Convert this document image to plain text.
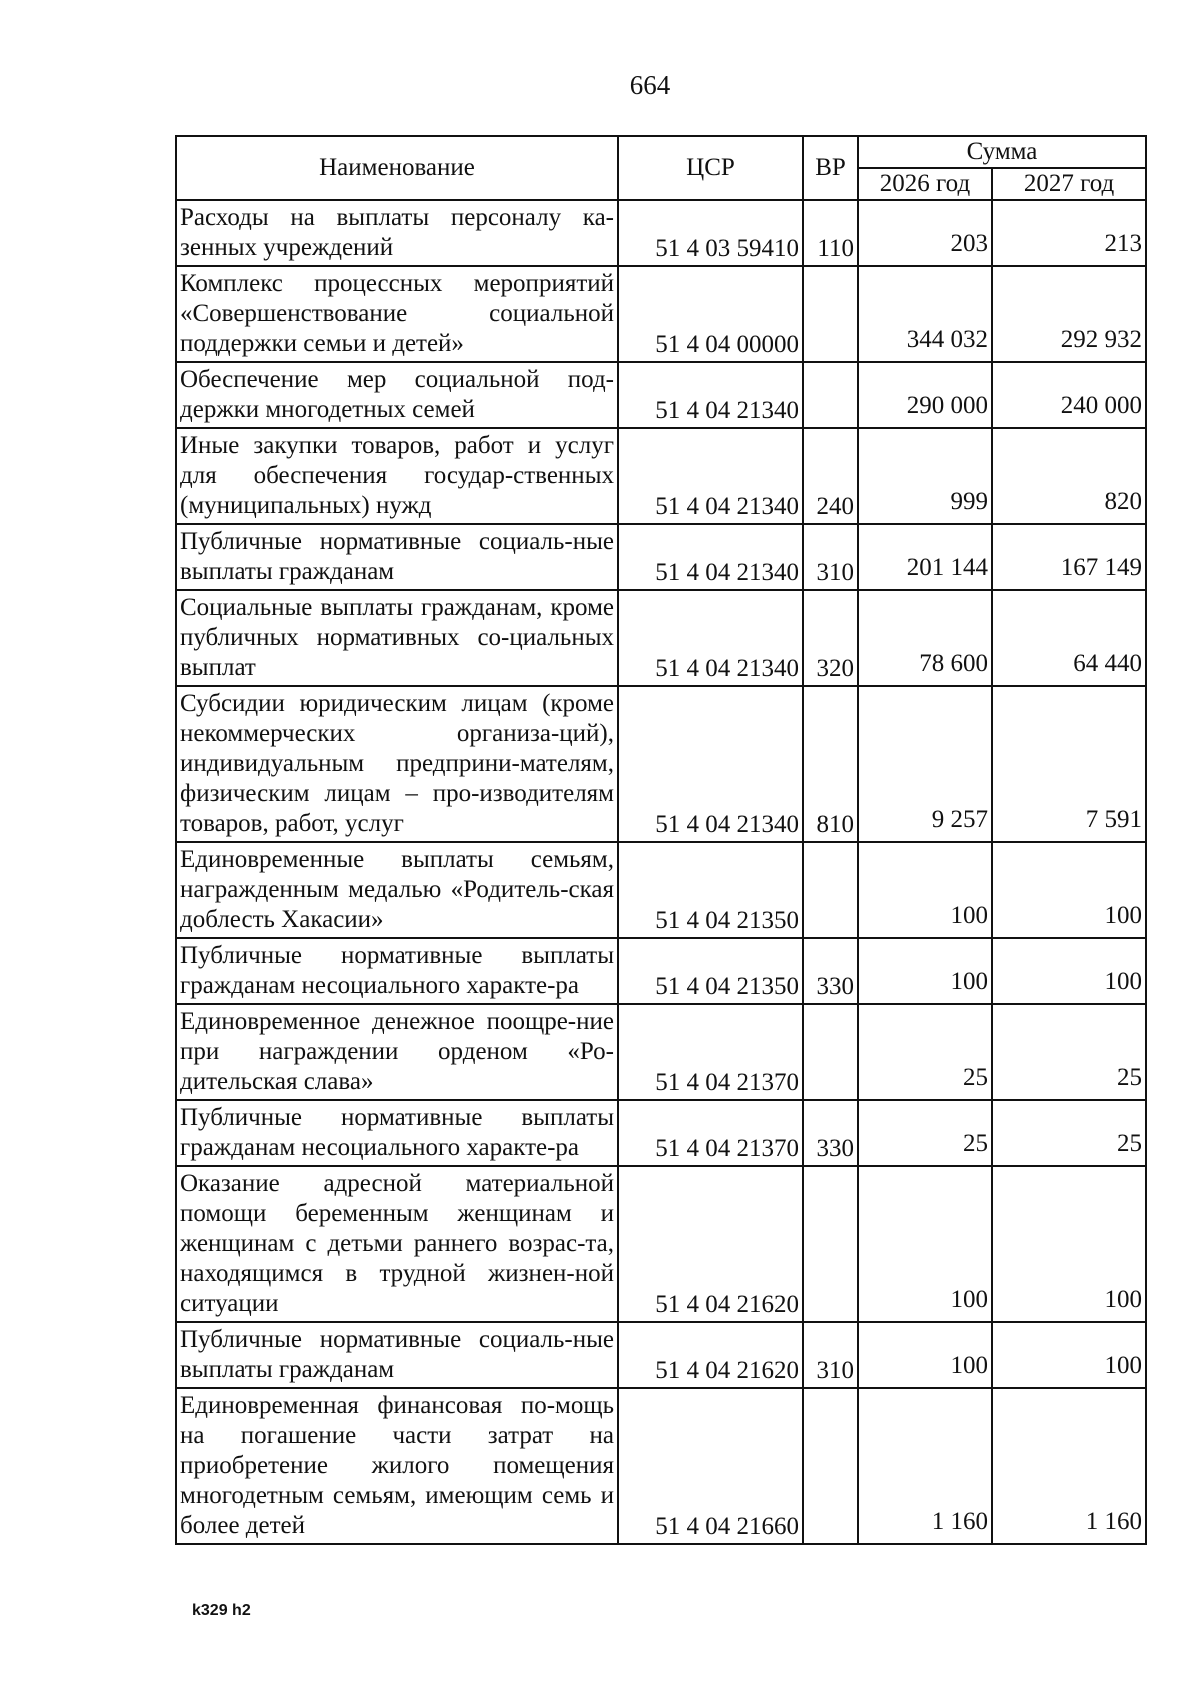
664
Наименование	ЦСР	ВР	Сумма	
			2026 год	2027 год
Расходы на выплаты персоналу ка-зенных учреждений	51 4 03 59410	110	203	213
Комплекс процессных мероприятий «Совершенствование социальной поддержки семьи и детей»	51 4 04 00000		344 032	292 932
Обеспечение мер социальной под-держки многодетных семей	51 4 04 21340		290 000	240 000
Иные закупки товаров, работ и услуг для обеспечения государ-ственных (муниципальных) нужд	51 4 04 21340	240	999	820
Публичные нормативные социаль-ные выплаты гражданам	51 4 04 21340	310	201 144	167 149
Социальные выплаты гражданам, кроме публичных нормативных со-циальных выплат	51 4 04 21340	320	78 600	64 440
Субсидии юридическим лицам (кроме некоммерческих организа-ций), индивидуальным предприни-мателям, физическим лицам – про-изводителям товаров, работ, услуг	51 4 04 21340	810	9 257	7 591
Единовременные выплаты семьям, награжденным медалью «Родитель-ская доблесть Хакасии»	51 4 04 21350		100	100
Публичные нормативные выплаты гражданам несоциального характе-ра	51 4 04 21350	330	100	100
Единовременное денежное поощре-ние при награждении орденом «Ро-дительская слава»	51 4 04 21370		25	25
Публичные нормативные выплаты гражданам несоциального характе-ра	51 4 04 21370	330	25	25
Оказание адресной материальной помощи беременным женщинам и женщинам с детьми раннего возрас-та, находящимся в трудной жизнен-ной ситуации	51 4 04 21620		100	100
Публичные нормативные социаль-ные выплаты гражданам	51 4 04 21620	310	100	100
Единовременная финансовая по-мощь на погашение части затрат на приобретение жилого помещения многодетным семьям, имеющим семь и более детей	51 4 04 21660		1 160	1 160
k329 h2
